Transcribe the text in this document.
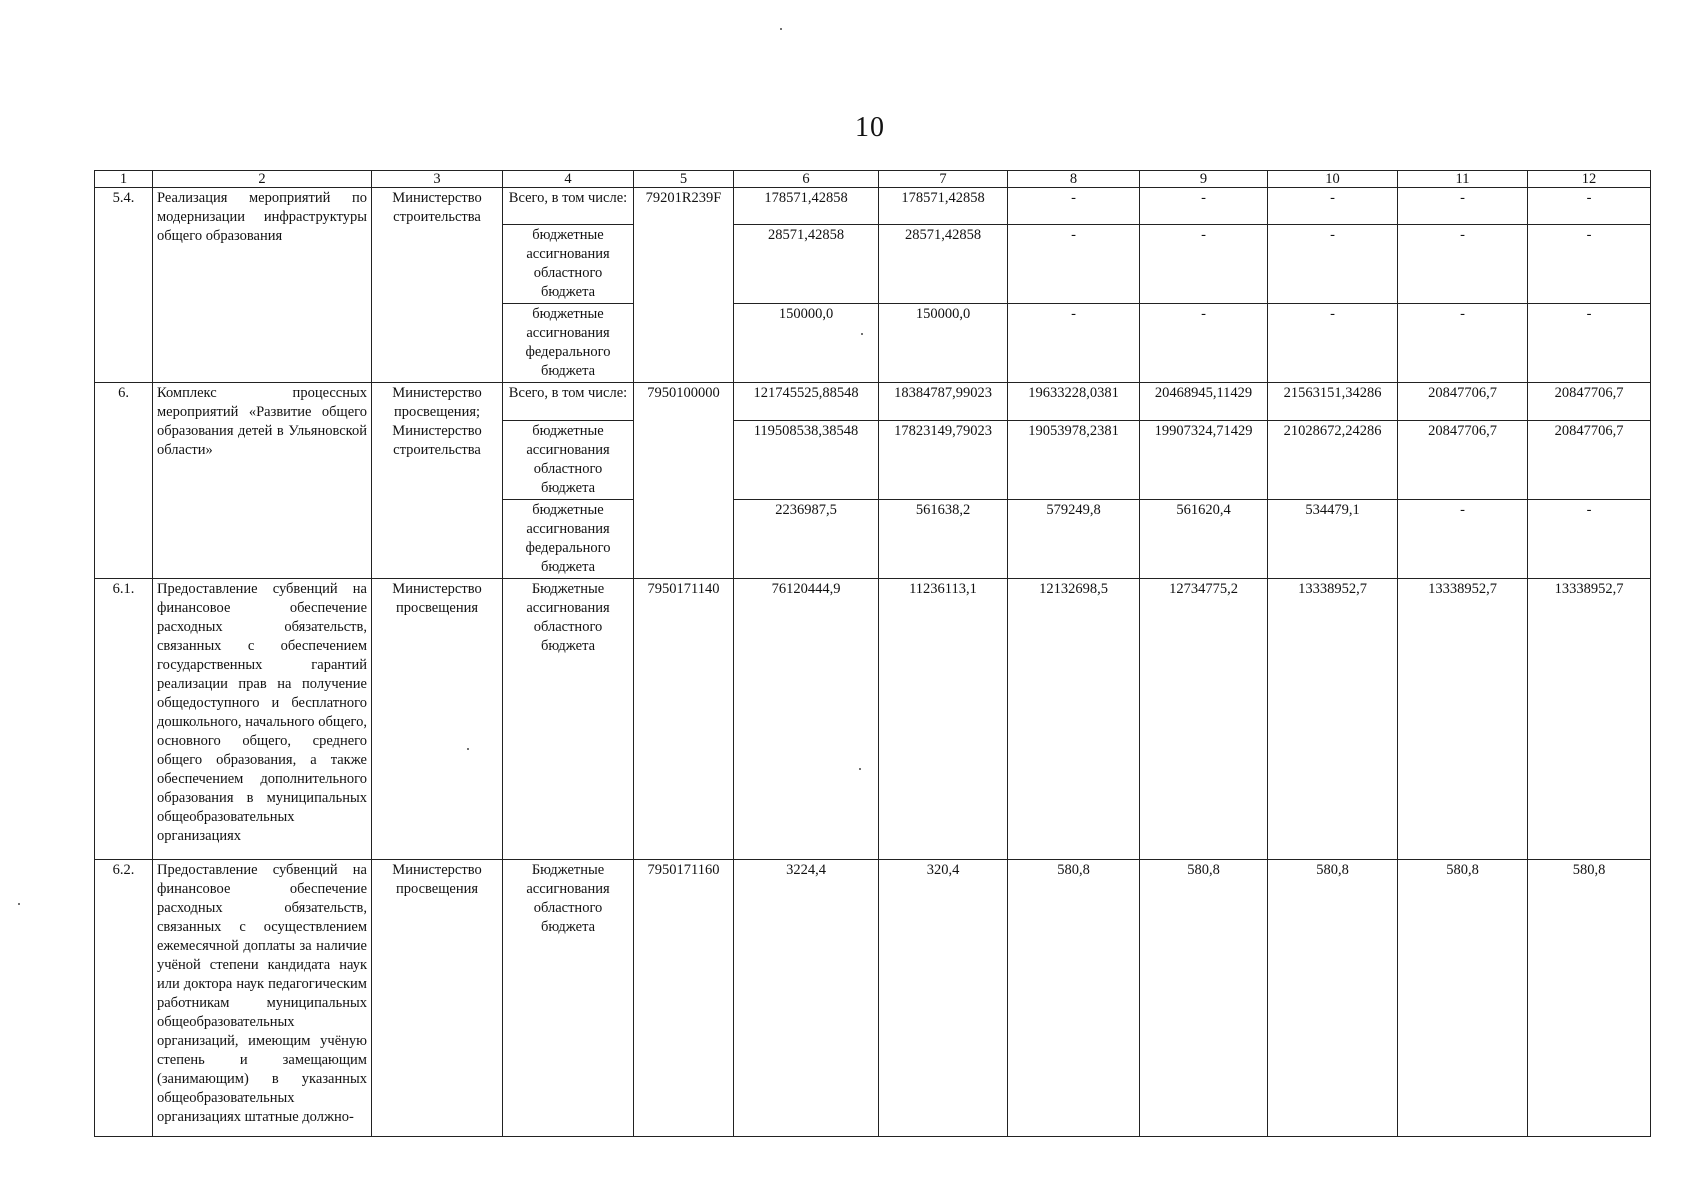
10
1	2	3	4	5	6	7	8	9	10	11	12
5.4.	Реализация мероприятий по модернизации инфраструктуры общего образования	Министерство строительства	Всего, в том числе:	79201R239F	178571,42858	178571,42858	-	-	-	-	-
			бюджетные ассигнования областного бюджета		28571,42858	28571,42858	-	-	-	-	-
			бюджетные ассигнования федерального бюджета		150000,0	150000,0	-	-	-	-	-
6.	Комплекс процессных мероприятий «Развитие общего образования детей в Ульяновской области»	Министерство просвещения; Министерство строительства	Всего, в том числе:	7950100000	121745525,88548	18384787,99023	19633228,0381	20468945,11429	21563151,34286	20847706,7	20847706,7
			бюджетные ассигнования областного бюджета		119508538,38548	17823149,79023	19053978,2381	19907324,71429	21028672,24286	20847706,7	20847706,7
			бюджетные ассигнования федерального бюджета		2236987,5	561638,2	579249,8	561620,4	534479,1	-	-
6.1.	Предоставление субвенций на финансовое обеспечение расходных обязательств, связанных с обеспечением государственных гарантий реализации прав на получение общедоступного и бесплатного дошкольного, начального общего, основного общего, среднего общего образования, а также обеспечением дополнительного образования в муниципальных общеобразовательных организациях	Министерство просвещения	Бюджетные ассигнования областного бюджета	7950171140	76120444,9	11236113,1	12132698,5	12734775,2	13338952,7	13338952,7	13338952,7
6.2.	Предоставление субвенций на финансовое обеспечение расходных обязательств, связанных с осуществлением ежемесячной доплаты за наличие учёной степени кандидата наук или доктора наук педагогическим работникам муниципальных общеобразовательных организаций, имеющим учёную степень и замещающим (занимающим) в указанных общеобразовательных организациях штатные должно-	Министерство просвещения	Бюджетные ассигнования областного бюджета	7950171160	3224,4	320,4	580,8	580,8	580,8	580,8	580,8
